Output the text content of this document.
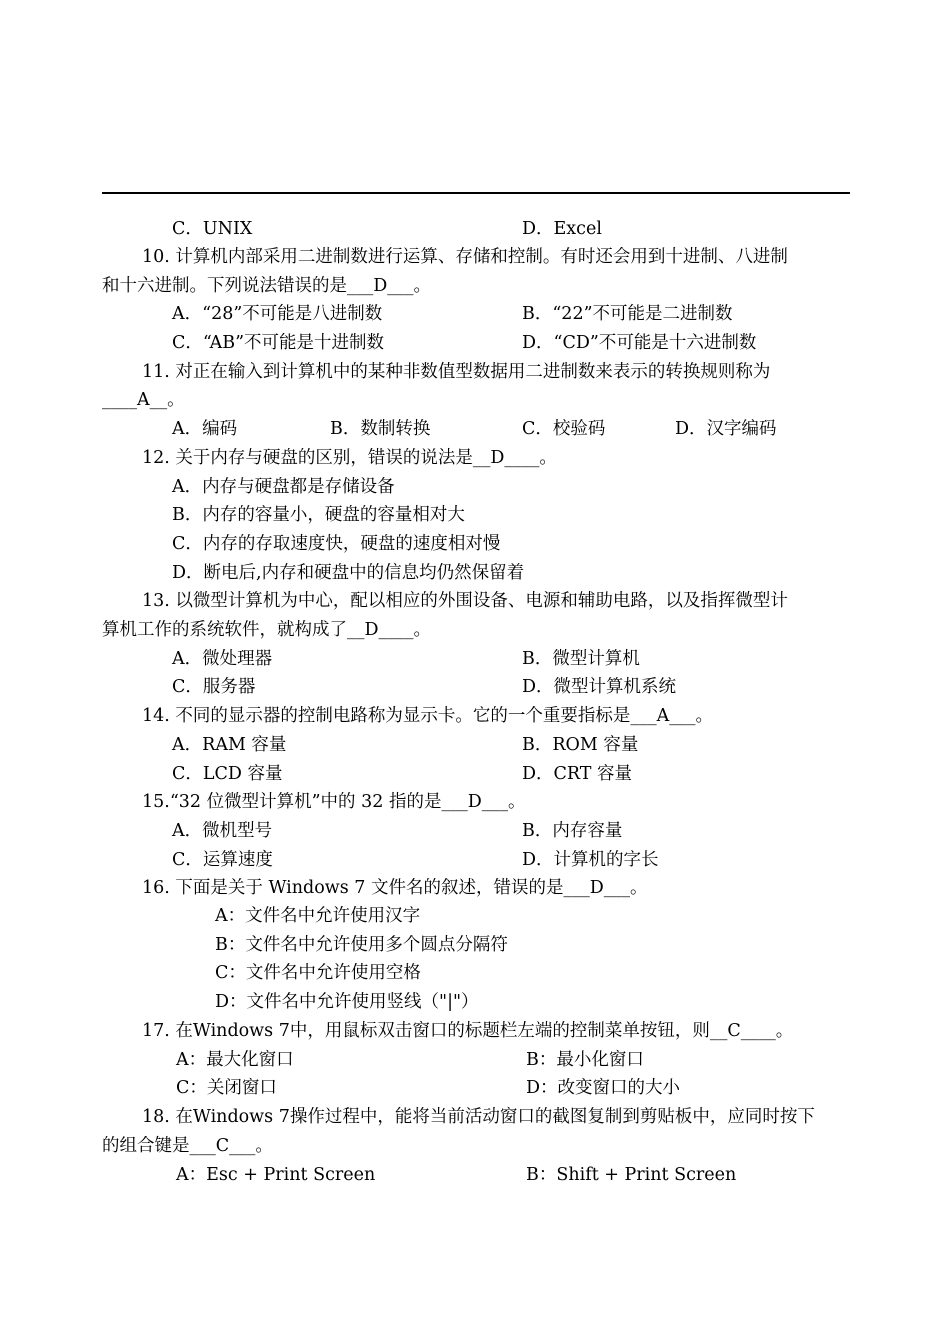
C．UNIX	D．Excel
10. 计算机内部采用二进制数进行运算、存储和控制。有时还会用到十进制、八进制
和十六进制。下列说法错误的是___D___。
A．“28”不可能是八进制数	B．“22”不可能是二进制数
C．“AB”不可能是十进制数	D．“CD”不可能是十六进制数
11. 对正在输入到计算机中的某种非数值型数据用二进制数来表示的转换规则称为
____A__。
A．编码	B．数制转换	C．校验码	D．汉字编码
12. 关于内存与硬盘的区别，错误的说法是__D____。
A．内存与硬盘都是存储设备
B．内存的容量小，硬盘的容量相对大
C．内存的存取速度快，硬盘的速度相对慢
D．断电后,内存和硬盘中的信息均仍然保留着
13. 以微型计算机为中心，配以相应的外围设备、电源和辅助电路，以及指挥微型计
算机工作的系统软件，就构成了__D____。
A．微处理器	B．微型计算机
C．服务器	D．微型计算机系统
14. 不同的显示器的控制电路称为显示卡。它的一个重要指标是___A___。
A．RAM 容量	B．ROM 容量
C．LCD 容量	D．CRT 容量
15.“32 位微型计算机”中的 32 指的是___D___。
A．微机型号	B．内存容量
C．运算速度	D．计算机的字长
16. 下面是关于 Windows 7 文件名的叙述，错误的是___D___。
A：文件名中允许使用汉字
B：文件名中允许使用多个圆点分隔符
C：文件名中允许使用空格
D：文件名中允许使用竖线（"|"）
17. 在Windows 7中，用鼠标双击窗口的标题栏左端的控制菜单按钮，则__C____。
A：最大化窗口	B：最小化窗口
C：关闭窗口	D：改变窗口的大小
18. 在Windows 7操作过程中，能将当前活动窗口的截图复制到剪贴板中，应同时按下
的组合键是___C___。
A：Esc + Print Screen	B：Shift + Print Screen
